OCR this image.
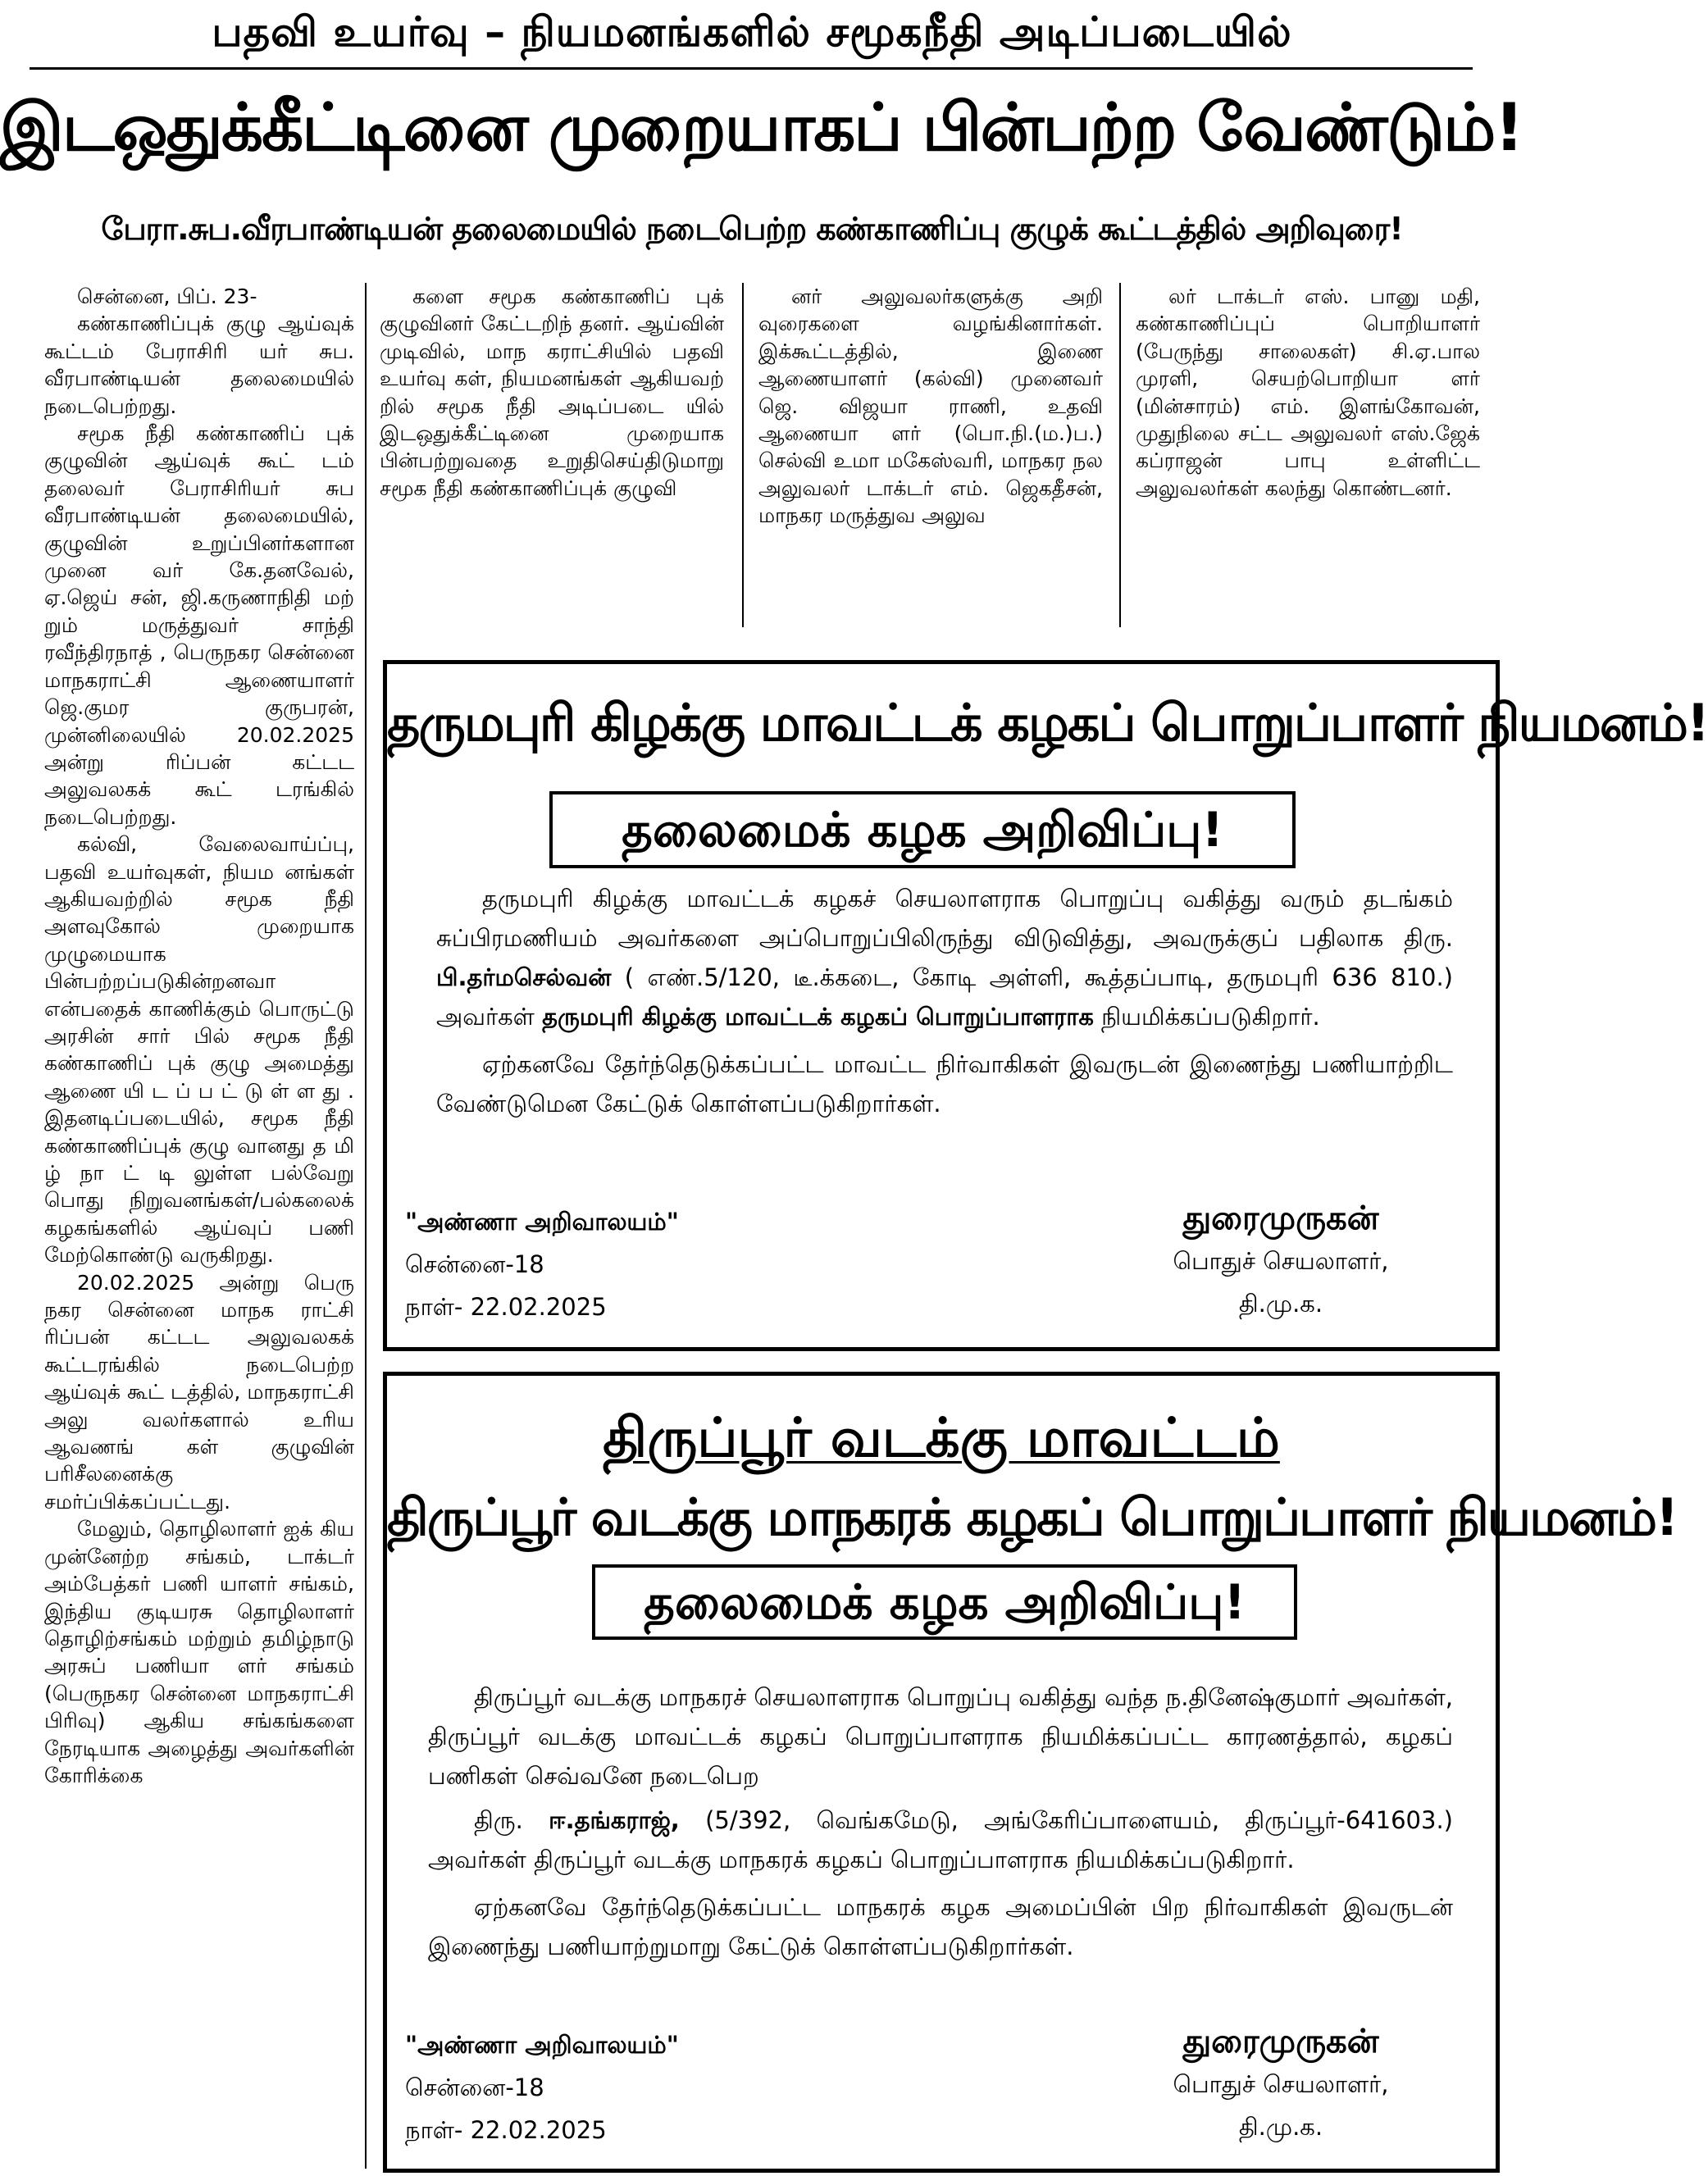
பதவி உயர்வு – நியமனங்களில் சமூகநீதி அடிப்படையில்
இடஒதுக்கீட்டினை முறையாகப் பின்பற்ற வேண்டும்!
பேரா.சுப.வீரபாண்டியன் தலைமையில் நடைபெற்ற கண்காணிப்பு குழுக் கூட்டத்தில் அறிவுரை!

சென்னை, பிப். 23-

கண்காணிப்புக் குழு ஆய்வுக் கூட்டம் பேராசிரி யர் சுப. வீரபாண்டியன் தலைமையில் நடைபெற்றது.

சமூக நீதி கண்காணிப் புக் குழுவின் ஆய்வுக் கூட் டம் தலைவர் பேராசிரியர் சுப வீரபாண்டியன் தலைமையில், குழுவின் உறுப்பினர்களான முனை வர் கே.தனவேல், ஏ.ஜெய் சன், ஜி.கருணாநிதி மற் றும் மருத்துவர் சாந்தி ரவீந்திரநாத் , பெருநகர சென்னை மாநகராட்சி ஆணையாளர் ஜெ.குமர குருபரன், முன்னிலையில் 20.02.2025 அன்று ரிப்பன் கட்டட அலுவலகக் கூட் டரங்கில் நடைபெற்றது.

கல்வி, வேலைவாய்ப்பு, பதவி உயர்வுகள், நியம னங்கள் ஆகியவற்றில் சமூக நீதி அளவுகோல் முறையாக முழுமையாக பின்பற்றப்படுகின்றனவா என்பதைக் காணிக்கும் பொருட்டு அரசின் சார் பில் சமூக நீதி கண்காணிப் புக் குழு அமைத்து ஆணை யி ட ப் ப ட் டு ள் ள து . இதனடிப்படையில், சமூக நீதி கண்காணிப்புக் குழு வானது த மி ழ் நா ட் டி லுள்ள பல்வேறு பொது நிறுவனங்கள்/பல்கலைக் கழகங்களில் ஆய்வுப் பணி மேற்கொண்டு வருகிறது.

20.02.2025 அன்று பெரு நகர சென்னை மாநக ராட்சி ரிப்பன் கட்டட அலுவலகக் கூட்டரங்கில் நடைபெற்ற ஆய்வுக் கூட் டத்தில், மாநகராட்சி அலு வலர்களால் உரிய ஆவணங் கள் குழுவின் பரிசீலனைக்கு சமர்ப்பிக்கப்பட்டது.

மேலும், தொழிலாளர் ஐக் கிய முன்னேற்ற சங்கம், டாக்டர் அம்பேத்கர் பணி யாளர் சங்கம், இந்திய குடியரசு தொழிலாளர் தொழிற்சங்கம் மற்றும் தமிழ்நாடு அரசுப் பணியா ளர் சங்கம் (பெருநகர சென்னை மாநகராட்சி பிரிவு) ஆகிய சங்கங்களை நேரடியாக அழைத்து அவர்களின் கோரிக்கை

களை சமூக கண்காணிப் புக் குழுவினர் கேட்டறிந் தனர். ஆய்வின் முடிவில், மாந கராட்சியில் பதவி உயர்வு கள், நியமனங்கள் ஆகியவற் றில் சமூக நீதி அடிப்படை யில் இடஒதுக்கீட்டினை முறையாக பின்பற்றுவதை உறுதிசெய்திடுமாறு சமூக நீதி கண்காணிப்புக் குழுவி

னர் அலுவலர்களுக்கு அறி வுரைகளை வழங்கினார்கள். இக்கூட்டத்தில், இணை ஆணையாளர் (கல்வி) முனைவர் ஜெ. விஜயா ராணி, உதவி ஆணையா ளர் (பொ.நி.(ம.)ப.) செல்வி உமா மகேஸ்வரி, மாநகர நல அலுவலர் டாக்டர் எம். ஜெகதீசன், மாநகர மருத்துவ அலுவ

லர் டாக்டர் எஸ். பானு மதி, கண்காணிப்புப் பொறியாளர் (பேருந்து சாலைகள்) சி.ஏ.பால முரளி, செயற்பொறியா ளர் (மின்சாரம்) எம். இளங்கோவன், முதுநிலை சட்ட அலுவலர் எஸ்.ஜேக் கப்ராஜன் பாபு உள்ளிட்ட அலுவலர்கள் கலந்து கொண்டனர்.

தருமபுரி கிழக்கு மாவட்டக் கழகப் பொறுப்பாளர் நியமனம்!
தலைமைக் கழக அறிவிப்பு!

தருமபுரி கிழக்கு மாவட்டக் கழகச் செயலாளராக பொறுப்பு வகித்து வரும் தடங்கம் சுப்பிரமணியம் அவர்களை அப்பொறுப்பிலிருந்து விடுவித்து, அவருக்குப் பதிலாக திரு. பி.தர்மசெல்வன் ( எண்.5/120, டீ.க்கடை, கோடி அள்ளி, கூத்தப்பாடி, தருமபுரி 636 810.) அவர்கள் தருமபுரி கிழக்கு மாவட்டக் கழகப் பொறுப்பாளராக நியமிக்கப்படுகிறார்.

ஏற்கனவே தேர்ந்தெடுக்கப்பட்ட மாவட்ட நிர்வாகிகள் இவருடன் இணைந்து பணியாற்றிட வேண்டுமென கேட்டுக் கொள்ளப்படுகிறார்கள்.

"அண்ணா அறிவாலயம்"
சென்னை-18
நாள்- 22.02.2025
துரைமுருகன்
பொதுச் செயலாளர்,
தி.மு.க.
திருப்பூர் வடக்கு மாவட்டம்
திருப்பூர் வடக்கு மாநகரக் கழகப் பொறுப்பாளர் நியமனம்!
தலைமைக் கழக அறிவிப்பு!

திருப்பூர் வடக்கு மாநகரச் செயலாளராக பொறுப்பு வகித்து வந்த ந.தினேஷ்குமார் அவர்கள், திருப்பூர் வடக்கு மாவட்டக் கழகப் பொறுப்பாளராக நியமிக்கப்பட்ட காரணத்தால், கழகப் பணிகள் செவ்வனே நடைபெற

திரு. ஈ.தங்கராஜ், (5/392, வெங்கமேடு, அங்கேரிப்பாளையம், திருப்பூர்-641603.) அவர்கள் திருப்பூர் வடக்கு மாநகரக் கழகப் பொறுப்பாளராக நியமிக்கப்படுகிறார்.

ஏற்கனவே தேர்ந்தெடுக்கப்பட்ட மாநகரக் கழக அமைப்பின் பிற நிர்வாகிகள் இவருடன் இணைந்து பணியாற்றுமாறு கேட்டுக் கொள்ளப்படுகிறார்கள்.

"அண்ணா அறிவாலயம்"
சென்னை-18
நாள்- 22.02.2025
துரைமுருகன்
பொதுச் செயலாளர்,
தி.மு.க.
